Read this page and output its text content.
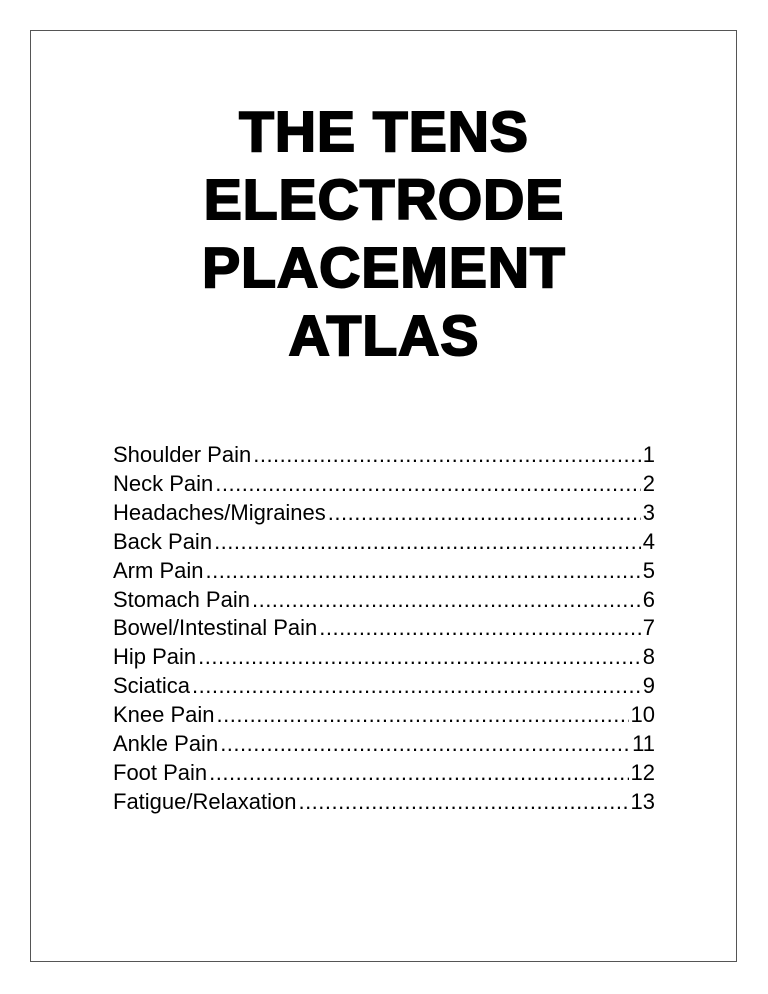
THE TENS
ELECTRODE
PLACEMENT
ATLAS
Shoulder Pain .....	1
Neck Pain .....	2
Headaches/Migraines .....	3
Back Pain .....	4
Arm Pain .....	5
Stomach Pain .....	6
Bowel/Intestinal Pain .....	7
Hip Pain .....	8
Sciatica .....	9
Knee Pain .....	10
Ankle Pain .....	11
Foot Pain .....	12
Fatigue/Relaxation .....	13
